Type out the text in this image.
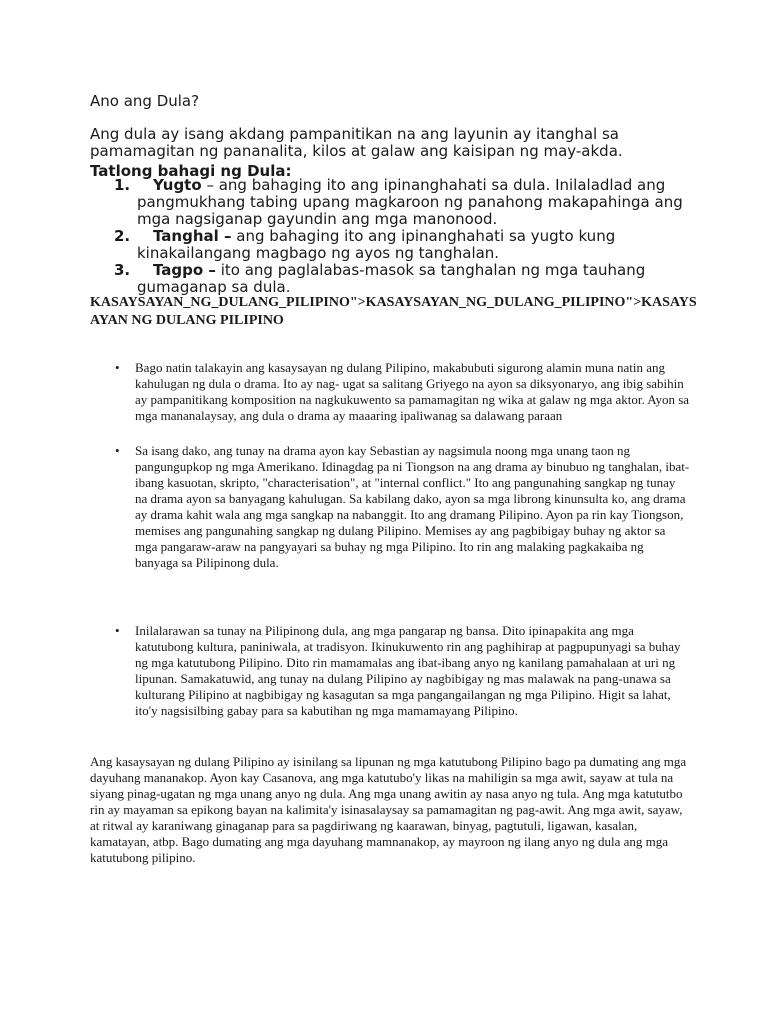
Ano ang Dula?
Ang dula ay isang akdang pampanitikan na ang layunin ay itanghal sa pamamagitan ng pananalita, kilos at galaw ang kaisipan ng may-akda.
Tatlong bahagi ng Dula:
1. Yugto – ang bahaging ito ang ipinanghahati sa dula. Inilaladlad ang pangmukhang tabing upang magkaroon ng panahong makapahinga ang mga nagsiganap gayundin ang mga manonood.
2. Tanghal – ang bahaging ito ang ipinanghahati sa yugto kung kinakailangang magbago ng ayos ng tanghalan.
3. Tagpo – ito ang paglalabas-masok sa tanghalan ng mga tauhang gumaganap sa dula.
KASAYSAYAN_NG_DULANG_PILIPINO">KASAYSAYAN_NG_DULANG_PILIPINO">KASAYSAYAN NG DULANG PILIPINO
• Bago natin talakayin ang kasaysayan ng dulang Pilipino, makabubuti sigurong alamin muna natin ang kahulugan ng dula o drama. Ito ay nag- ugat sa salitang Griyego na ayon sa diksyonaryo, ang ibig sabihin ay pampanitikang komposition na nagkukuwento sa pamamagitan ng wika at galaw ng mga aktor. Ayon sa mga mananalaysay, ang dula o drama ay maaaring ipaliwanag sa dalawang paraan
• Sa isang dako, ang tunay na drama ayon kay Sebastian ay nagsimula noong mga unang taon ng pangungupkop ng mga Amerikano. Idinagdag pa ni Tiongson na ang drama ay binubuo ng tanghalan, ibat-ibang kasuotan, skripto, "characterisation", at "internal conflict." Ito ang pangunahing sangkap ng tunay na drama ayon sa banyagang kahulugan. Sa kabilang dako, ayon sa mga librong kinunsulta ko, ang drama ay drama kahit wala ang mga sangkap na nabanggit. Ito ang dramang Pilipino. Ayon pa rin kay Tiongson, memises ang pangunahing sangkap ng dulang Pilipino. Memises ay ang pagbibigay buhay ng aktor sa mga pangaraw-araw na pangyayari sa buhay ng mga Pilipino. Ito rin ang malaking pagkakaiba ng banyaga sa Pilipinong dula.
• Inilalarawan sa tunay na Pilipinong dula, ang mga pangarap ng bansa. Dito ipinapakita ang mga katutubong kultura, paniniwala, at tradisyon. Ikinukuwento rin ang paghihirap at pagpupunyagi sa buhay ng mga katutubong Pilipino. Dito rin mamamalas ang ibat-ibang anyo ng kanilang pamahalaan at uri ng lipunan. Samakatuwid, ang tunay na dulang Pilipino ay nagbibigay ng mas malawak na pang-unawa sa kulturang Pilipino at nagbibigay ng kasagutan sa mga pangangailangan ng mga Pilipino. Higit sa lahat, ito'y nagsisilbing gabay para sa kabutihan ng mga mamamayang Pilipino.
Ang kasaysayan ng dulang Pilipino ay isinilang sa lipunan ng mga katutubong Pilipino bago pa dumating ang mga dayuhang mananakop. Ayon kay Casanova, ang mga katutubo'y likas na mahiligin sa mga awit, sayaw at tula na siyang pinag-ugatan ng mga unang anyo ng dula. Ang mga unang awitin ay nasa anyo ng tula. Ang mga katututbo rin ay mayaman sa epikong bayan na kalimita'y isinasalaysay sa pamamagitan ng pag-awit. Ang mga awit, sayaw, at ritwal ay karaniwang ginaganap para sa pagdiriwang ng kaarawan, binyag, pagtutuli, ligawan, kasalan, kamatayan, atbp. Bago dumating ang mga dayuhang mamnanakop, ay mayroon ng ilang anyo ng dula ang mga katutubong pilipino.
